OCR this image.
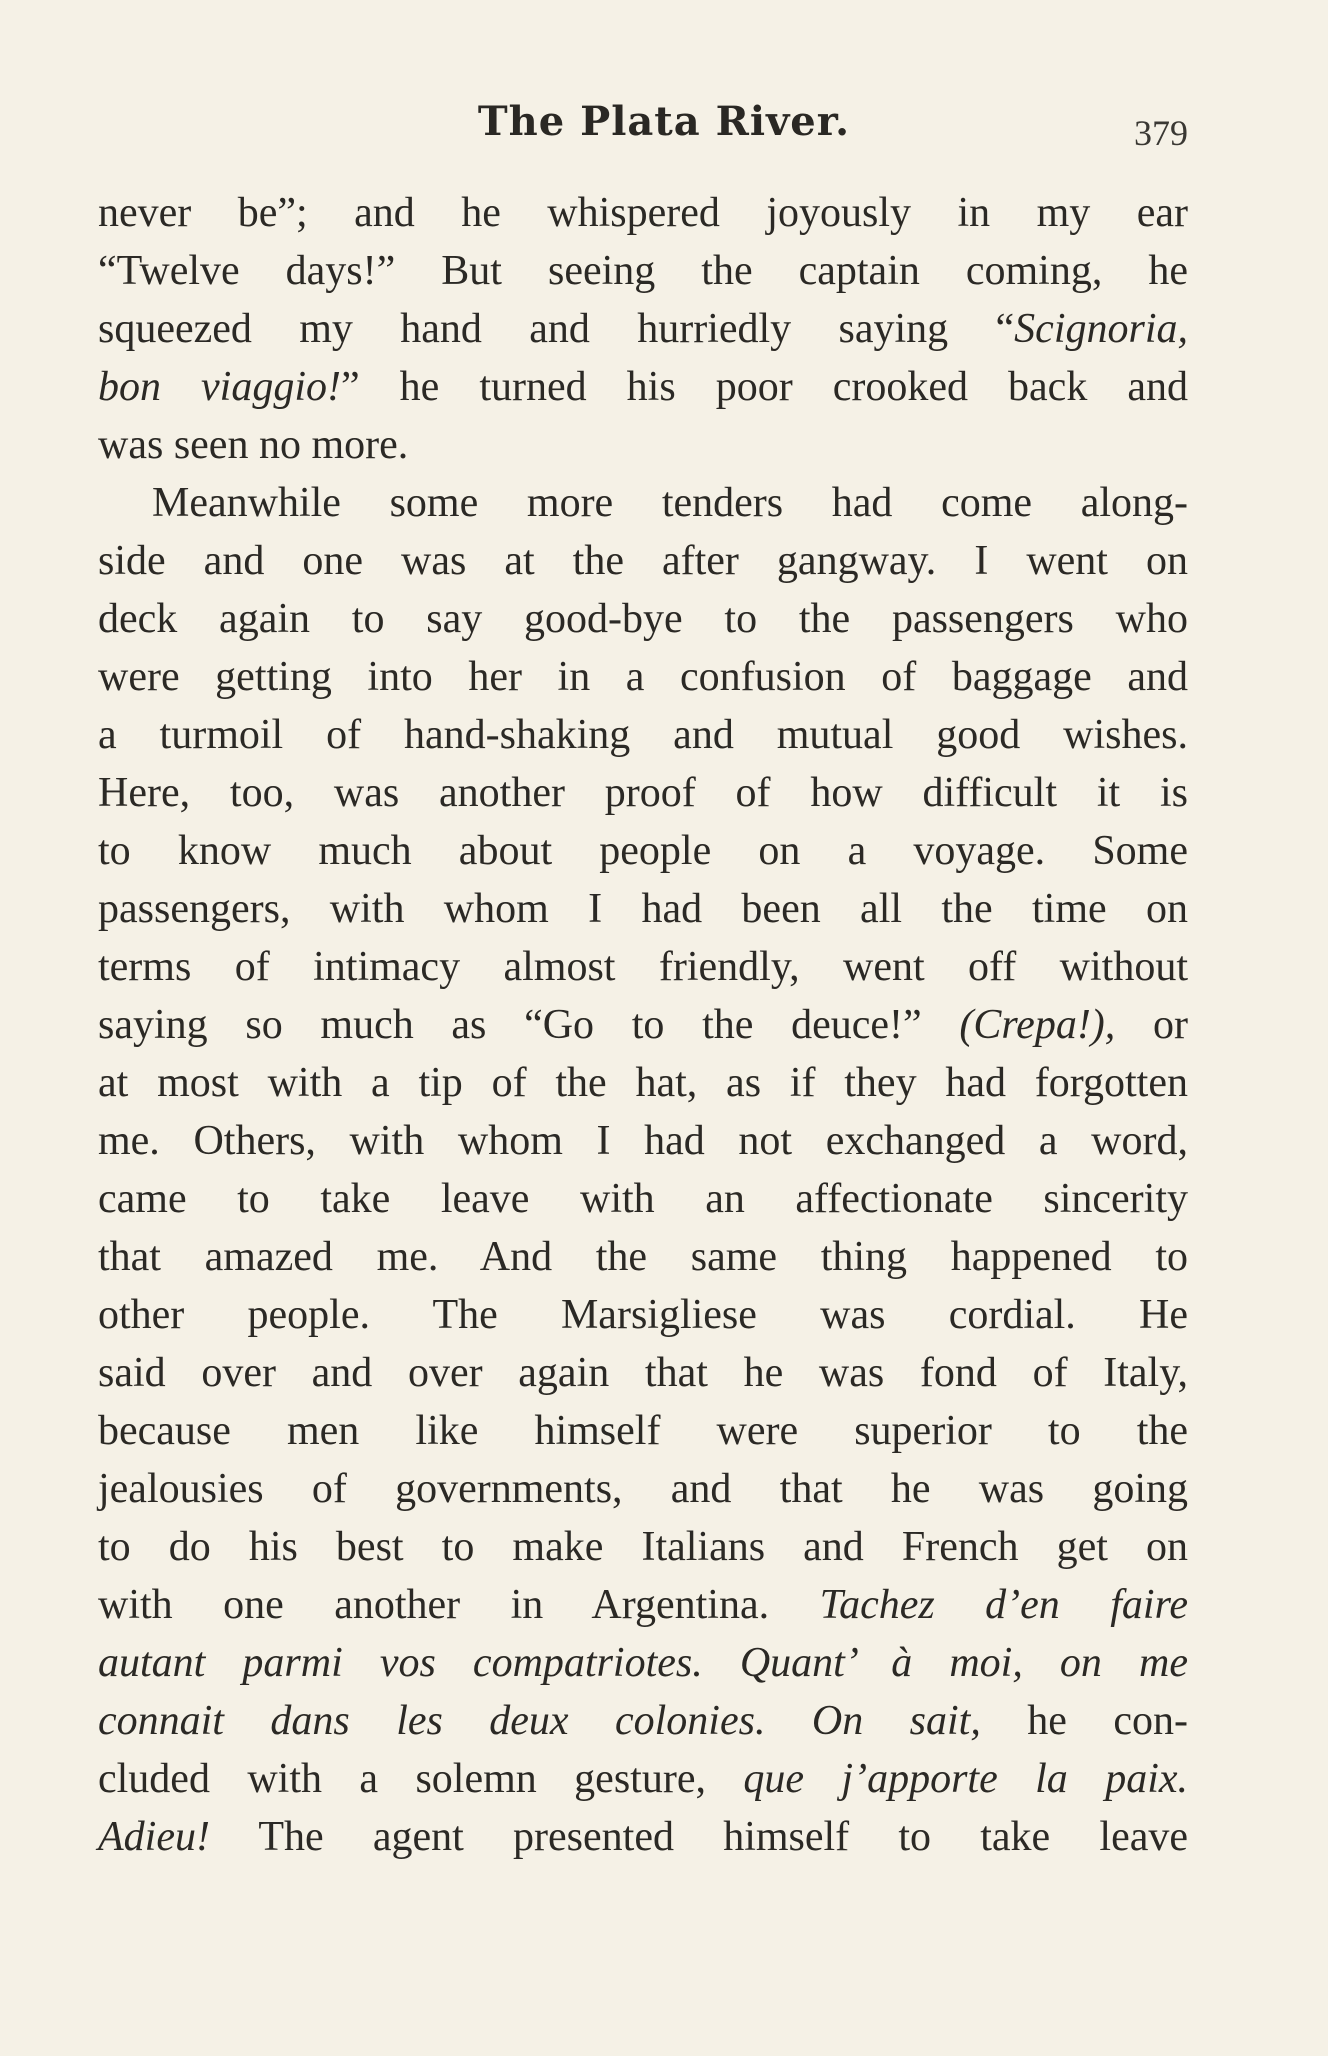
The Plata River.	379
never be”; and he whispered joyously in my ear
“Twelve days!” But seeing the captain coming, he
squeezed my hand and hurriedly saying “Scignoria,
bon viaggio!” he turned his poor crooked back and
was seen no more.
Meanwhile some more tenders had come along-
side and one was at the after gangway. I went on
deck again to say good-bye to the passengers who
were getting into her in a confusion of baggage and
a turmoil of hand-shaking and mutual good wishes.
Here, too, was another proof of how difficult it is
to know much about people on a voyage. Some
passengers, with whom I had been all the time on
terms of intimacy almost friendly, went off without
saying so much as “Go to the deuce!” (Crepa!), or
at most with a tip of the hat, as if they had forgotten
me. Others, with whom I had not exchanged a word,
came to take leave with an affectionate sincerity
that amazed me. And the same thing happened to
other people. The Marsigliese was cordial. He
said over and over again that he was fond of Italy,
because men like himself were superior to the
jealousies of governments, and that he was going
to do his best to make Italians and French get on
with one another in Argentina. Tachez d’en faire
autant parmi vos compatriotes. Quant’ à moi, on me
connait dans les deux colonies. On sait, he con-
cluded with a solemn gesture, que j’apporte la paix.
Adieu! The agent presented himself to take leave
